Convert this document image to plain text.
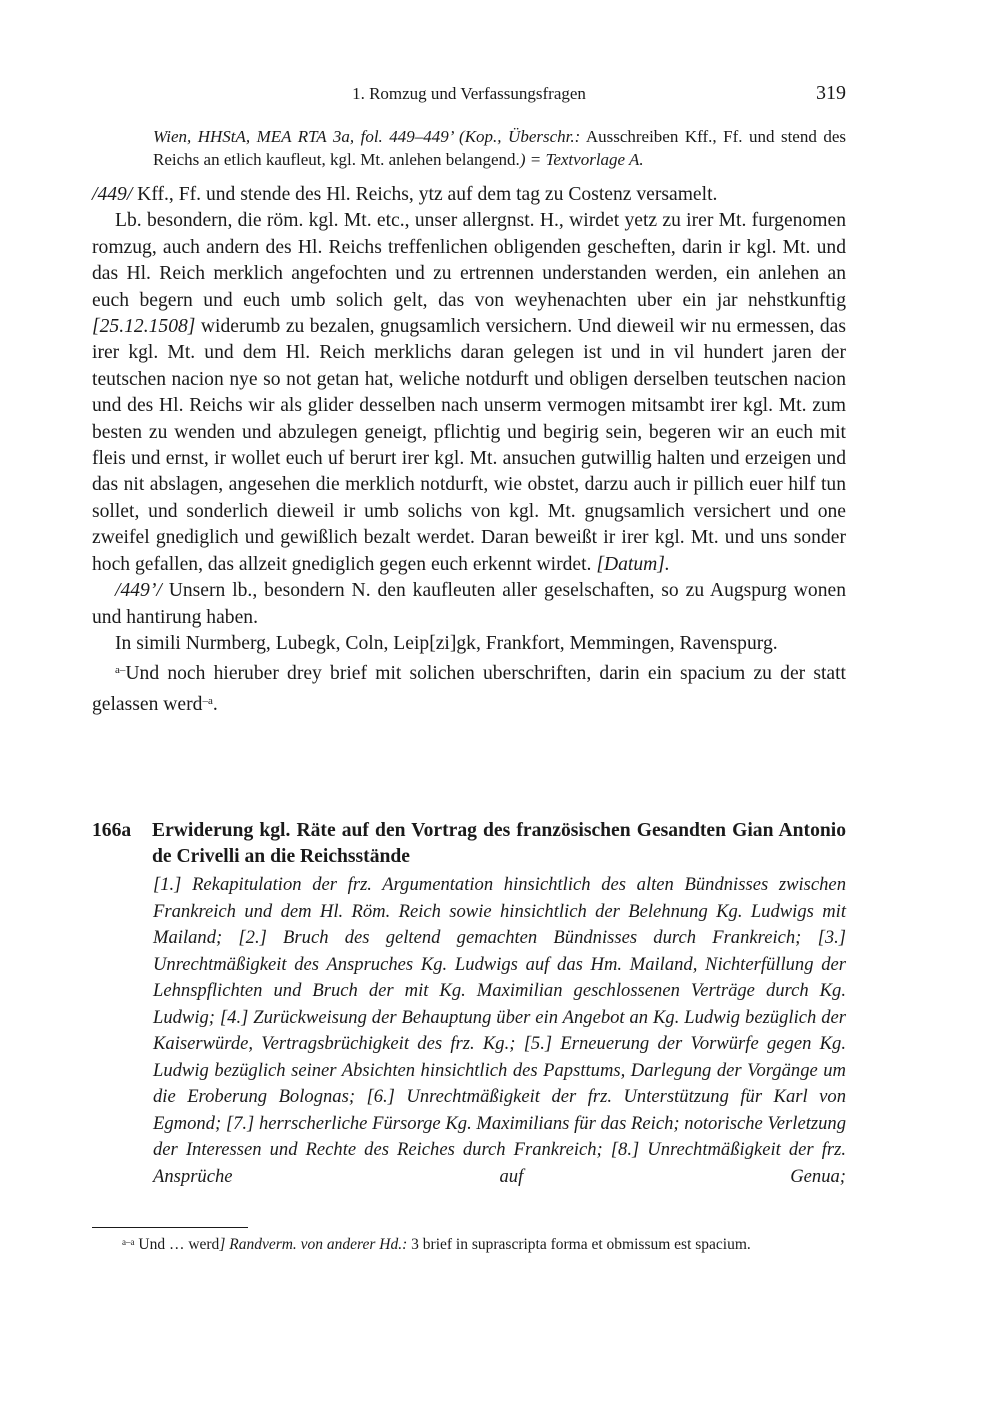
1. Romzug und Verfassungsfragen	319
Wien, HHStA, MEA RTA 3a, fol. 449–449’ (Kop., Überschr.: Ausschreiben Kff., Ff. und stend des Reichs an etlich kaufleut, kgl. Mt. anlehen belangend.) = Textvorlage A.

/449/ Kff., Ff. und stende des Hl. Reichs, ytz auf dem tag zu Costenz versamelt.

Lb. besondern, die röm. kgl. Mt. etc., unser allergnst. H., wirdet yetz zu irer Mt. furgenomen romzug, auch andern des Hl. Reichs treffenlichen obligenden gescheften, darin ir kgl. Mt. und das Hl. Reich merklich angefochten und zu ertrennen understanden werden, ein anlehen an euch begern und euch umb solich gelt, das von weyhenachten uber ein jar nehstkunftig [25.12.1508] widerumb zu bezalen, gnugsamlich versichern. Und dieweil wir nu ermessen, das irer kgl. Mt. und dem Hl. Reich merklichs daran gelegen ist und in vil hundert jaren der teutschen nacion nye so not getan hat, weliche notdurft und obligen derselben teutschen nacion und des Hl. Reichs wir als glider desselben nach unserm vermogen mitsambt irer kgl. Mt. zum besten zu wenden und abzulegen geneigt, pflichtig und begirig sein, begeren wir an euch mit fleis und ernst, ir wollet euch uf berurt irer kgl. Mt. ansuchen gutwillig halten und erzeigen und das nit abslagen, angesehen die merklich notdurft, wie obstet, darzu auch ir pillich euer hilf tun sollet, und sonderlich dieweil ir umb solichs von kgl. Mt. gnugsamlich versichert und one zweifel gnediglich und gewißlich bezalt werdet. Daran beweißt ir irer kgl. Mt. und uns sonder hoch gefallen, das allzeit gnediglich gegen euch erkennt wirdet. [Datum].

/449’/ Unsern lb., besondern N. den kaufleuten aller geselschaften, so zu Augspurg wonen und hantirung haben.

In simili Nurmberg, Lubegk, Coln, Leip[zi]gk, Frankfort, Memmingen, Ravenspurg.

$^{a-}$Und noch hieruber drey brief mit solichen uberschriften, darin ein spacium zu der statt gelassen werd$^{-a}$.

166a Erwiderung kgl. Räte auf den Vortrag des französischen Gesandten Gian Antonio de Crivelli an die Reichsstände
[1.] Rekapitulation der frz. Argumentation hinsichtlich des alten Bündnisses zwischen Frankreich und dem Hl. Röm. Reich sowie hinsichtlich der Belehnung Kg. Ludwigs mit Mailand; [2.] Bruch des geltend gemachten Bündnisses durch Frankreich; [3.] Unrechtmäßigkeit des Anspruches Kg. Ludwigs auf das Hm. Mailand, Nichterfüllung der Lehnspflichten und Bruch der mit Kg. Maximilian geschlossenen Verträge durch Kg. Ludwig; [4.] Zurückweisung der Behauptung über ein Angebot an Kg. Ludwig bezüglich der Kaiserwürde, Vertragsbrüchigkeit des frz. Kg.; [5.] Erneuerung der Vorwürfe gegen Kg. Ludwig bezüglich seiner Absichten hinsichtlich des Papsttums, Darlegung der Vorgänge um die Eroberung Bolognas; [6.] Unrechtmäßigkeit der frz. Unterstützung für Karl von Egmond; [7.] herrscherliche Fürsorge Kg. Maximilians für das Reich; notorische Verletzung der Interessen und Rechte des Reiches durch Frankreich; [8.] Unrechtmäßigkeit der frz. Ansprüche auf Genua;
$^{a-a}$ Und … werd] Randverm. von anderer Hd.: 3 brief in suprascripta forma et obmissum est spacium.
